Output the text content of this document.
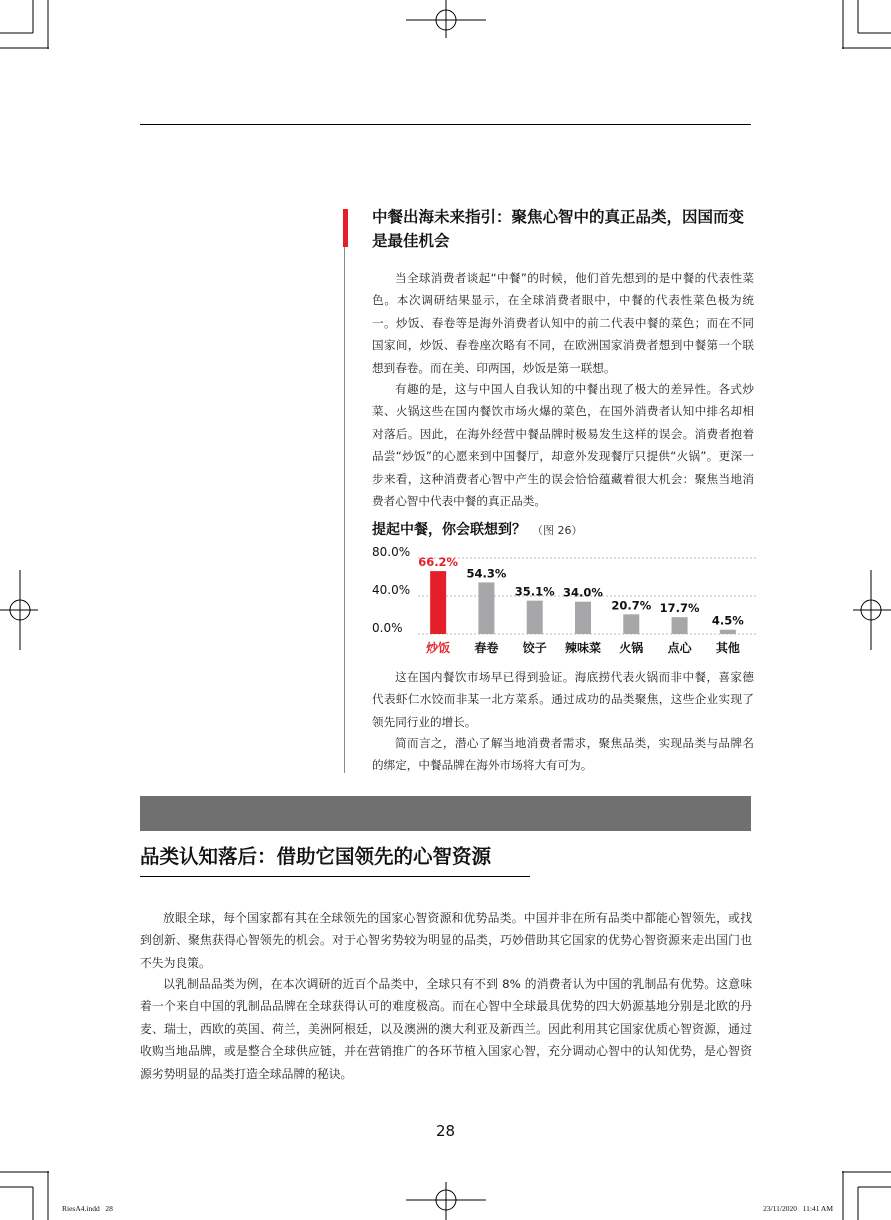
中餐出海未来指引：聚焦心智中的真正品类，因国而变是最佳机会

当全球消费者谈起“中餐”的时候，他们首先想到的是中餐的代表性菜色。本次调研结果显示，在全球消费者眼中，中餐的代表性菜色极为统一。炒饭、春卷等是海外消费者认知中的前二代表中餐的菜色；而在不同国家间，炒饭、春卷座次略有不同，在欧洲国家消费者想到中餐第一个联想到春卷。而在美、印两国，炒饭是第一联想。

有趣的是，这与中国人自我认知的中餐出现了极大的差异性。各式炒菜、火锅这些在国内餐饮市场火爆的菜色，在国外消费者认知中排名却相对落后。因此，在海外经营中餐品牌时极易发生这样的误会。消费者抱着品尝“炒饭”的心愿来到中国餐厅，却意外发现餐厅只提供“火锅”。更深一步来看，这种消费者心智中产生的误会恰恰蕴藏着很大机会：聚焦当地消费者心智中代表中餐的真正品类。

提起中餐，你会联想到？ （图 26）
80.0%
40.0%
0.0%
66.2%
炒饭
54.3%
春卷
35.1%
饺子
34.0%
辣味菜
20.7%
火锅
17.7%
点心
4.5%
其他

这在国内餐饮市场早已得到验证。海底捞代表火锅而非中餐，喜家德代表虾仁水饺而非某一北方菜系。通过成功的品类聚焦，这些企业实现了领先同行业的增长。

简而言之，潜心了解当地消费者需求，聚焦品类，实现品类与品牌名的绑定，中餐品牌在海外市场将大有可为。

品类认知落后：借助它国领先的心智资源

放眼全球，每个国家都有其在全球领先的国家心智资源和优势品类。中国并非在所有品类中都能心智领先，或找到创新、聚焦获得心智领先的机会。对于心智劣势较为明显的品类，巧妙借助其它国家的优势心智资源来走出国门也不失为良策。

以乳制品品类为例，在本次调研的近百个品类中，全球只有不到 8% 的消费者认为中国的乳制品有优势。这意味着一个来自中国的乳制品品牌在全球获得认可的难度极高。而在心智中全球最具优势的四大奶源基地分别是北欧的丹麦、瑞士，西欧的英国、荷兰，美洲阿根廷，以及澳洲的澳大利亚及新西兰。因此利用其它国家优质心智资源，通过收购当地品牌，或是整合全球供应链，并在营销推广的各环节植入国家心智，充分调动心智中的认知优势，是心智资源劣势明显的品类打造全球品牌的秘诀。

28
RiesA4.indd   28	23/11/2020   11:41 AM
